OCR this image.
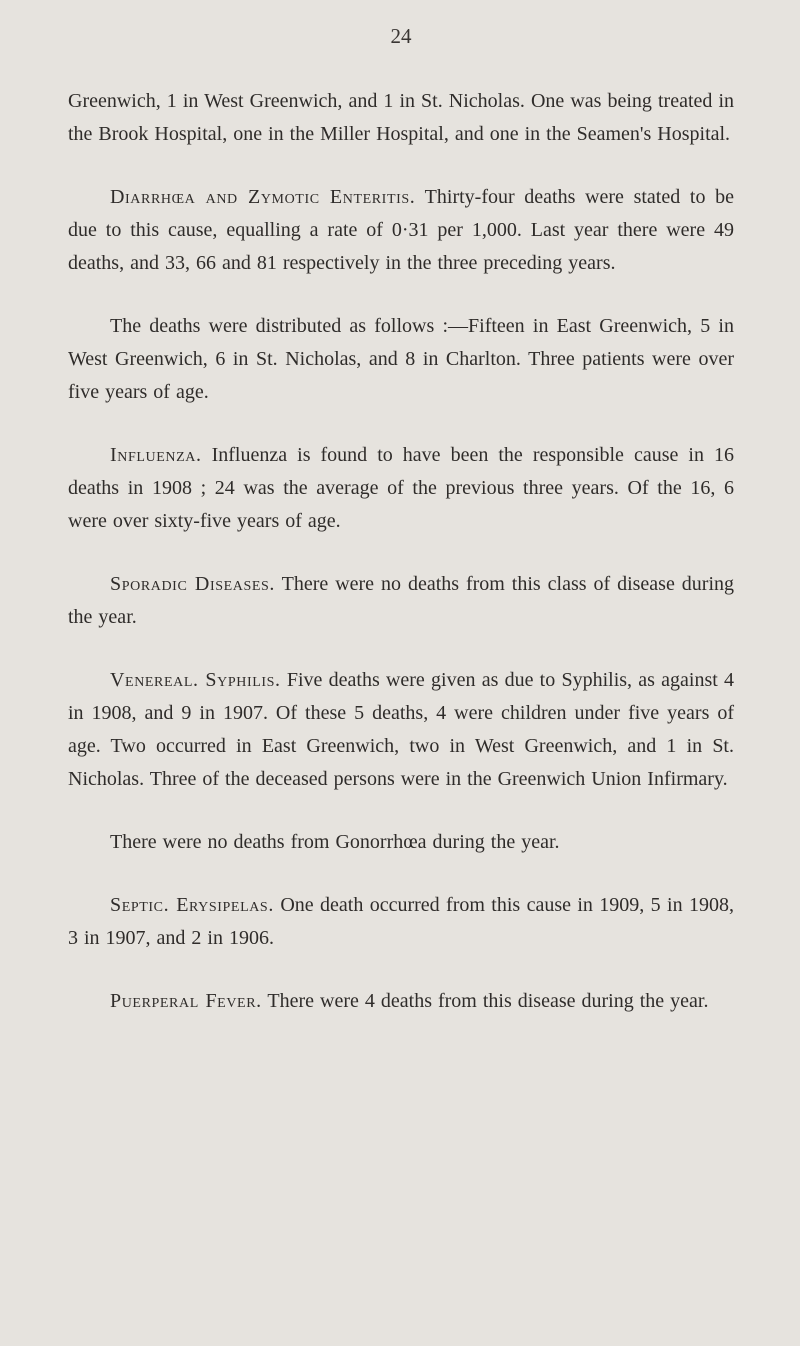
24

Greenwich, 1 in West Greenwich, and 1 in St. Nicholas. One was being treated in the Brook Hospital, one in the Miller Hospital, and one in the Seamen's Hospital.

Diarrhœa and Zymotic Enteritis. Thirty-four deaths were stated to be due to this cause, equalling a rate of 0·31 per 1,000. Last year there were 49 deaths, and 33, 66 and 81 respectively in the three preceding years.

The deaths were distributed as follows :—Fifteen in East Greenwich, 5 in West Greenwich, 6 in St. Nicholas, and 8 in Charlton. Three patients were over five years of age.

Influenza. Influenza is found to have been the responsible cause in 16 deaths in 1908 ; 24 was the average of the previous three years. Of the 16, 6 were over sixty-five years of age.

Sporadic Diseases. There were no deaths from this class of disease during the year.

Venereal. Syphilis. Five deaths were given as due to Syphilis, as against 4 in 1908, and 9 in 1907. Of these 5 deaths, 4 were children under five years of age. Two occurred in East Greenwich, two in West Greenwich, and 1 in St. Nicholas. Three of the deceased persons were in the Greenwich Union Infirmary.

There were no deaths from Gonorrhœa during the year.

Septic. Erysipelas. One death occurred from this cause in 1909, 5 in 1908, 3 in 1907, and 2 in 1906.

Puerperal Fever. There were 4 deaths from this disease during the year.
